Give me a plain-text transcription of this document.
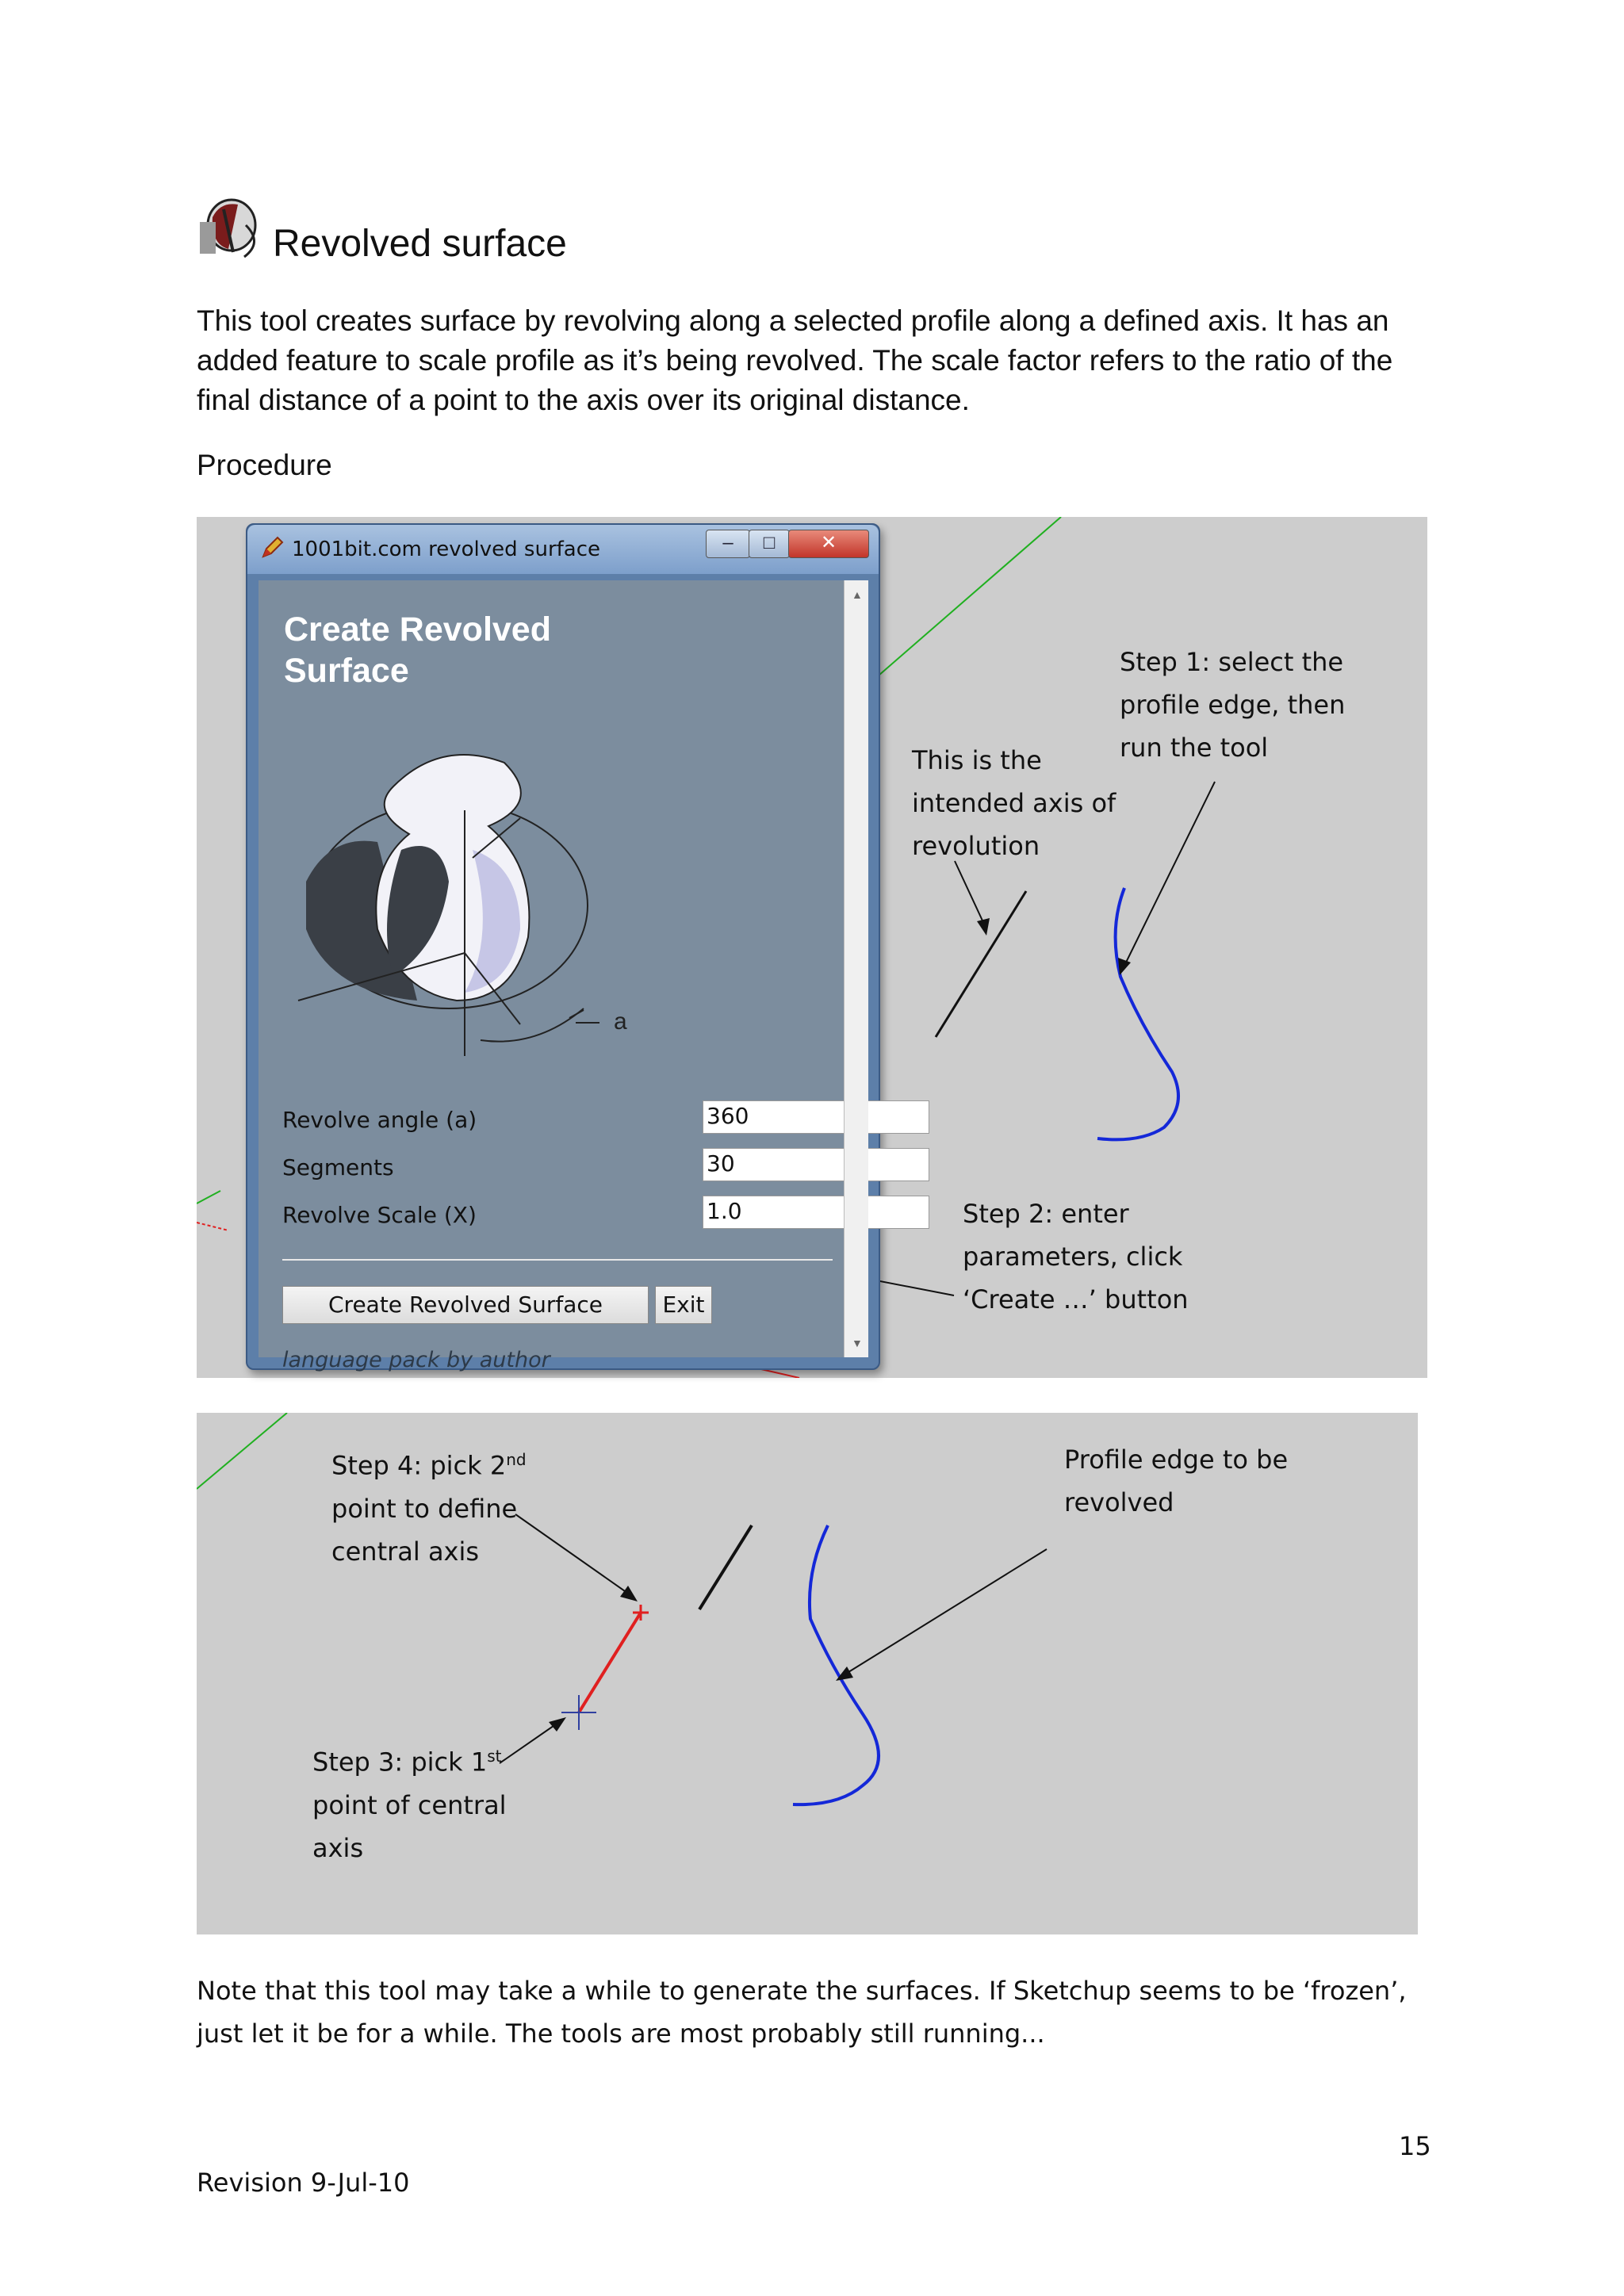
Revolved surface
This tool creates surface by revolving along a selected profile along a defined axis. It has an added feature to scale profile as it’s being revolved. The scale factor refers to the ratio of the final distance of a point to the axis over its original distance.
Procedure
Step 1: select the
profile edge, then
run the tool
This is the
intended axis of
revolution
Step 2: enter
parameters, click
‘Create …’ button
1001bit.com revolved surface	–	□	✕
Create Revolved Surface
a
Revolve angle (a)	360
Segments	30
Revolve Scale (X)	1.0
Create Revolved Surface	Exit
language pack by author
▲
▼
Step 4: pick 2nd
point to define
central axis
Profile edge to be
revolved
Step 3: pick 1st
point of central
axis
Note that this tool may take a while to generate the surfaces. If Sketchup seems to be ‘frozen’, just let it be for a while. The tools are most probably still running...
15
Revision 9-Jul-10
